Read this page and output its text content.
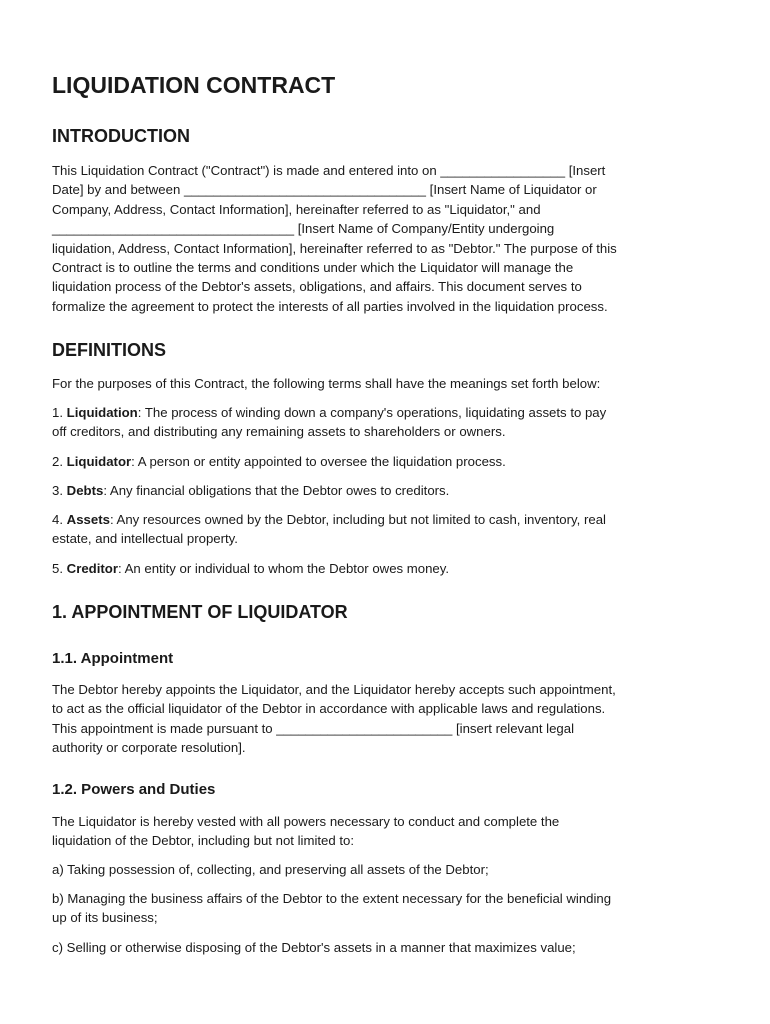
LIQUIDATION CONTRACT
INTRODUCTION

This Liquidation Contract ("Contract") is made and entered into on _________________ [Insert
Date] by and between _________________________________ [Insert Name of Liquidator or
Company, Address, Contact Information], hereinafter referred to as "Liquidator," and
_________________________________ [Insert Name of Company/Entity undergoing
liquidation, Address, Contact Information], hereinafter referred to as "Debtor." The purpose of this
Contract is to outline the terms and conditions under which the Liquidator will manage the
liquidation process of the Debtor's assets, obligations, and affairs. This document serves to
formalize the agreement to protect the interests of all parties involved in the liquidation process.

DEFINITIONS

For the purposes of this Contract, the following terms shall have the meanings set forth below:

1. Liquidation: The process of winding down a company's operations, liquidating assets to pay
off creditors, and distributing any remaining assets to shareholders or owners.

2. Liquidator: A person or entity appointed to oversee the liquidation process.

3. Debts: Any financial obligations that the Debtor owes to creditors.

4. Assets: Any resources owned by the Debtor, including but not limited to cash, inventory, real
estate, and intellectual property.

5. Creditor: An entity or individual to whom the Debtor owes money.

1. APPOINTMENT OF LIQUIDATOR
1.1. Appointment

The Debtor hereby appoints the Liquidator, and the Liquidator hereby accepts such appointment,
to act as the official liquidator of the Debtor in accordance with applicable laws and regulations.
This appointment is made pursuant to ________________________ [insert relevant legal
authority or corporate resolution].

1.2. Powers and Duties

The Liquidator is hereby vested with all powers necessary to conduct and complete the
liquidation of the Debtor, including but not limited to:

a) Taking possession of, collecting, and preserving all assets of the Debtor;

b) Managing the business affairs of the Debtor to the extent necessary for the beneficial winding
up of its business;

c) Selling or otherwise disposing of the Debtor's assets in a manner that maximizes value;
